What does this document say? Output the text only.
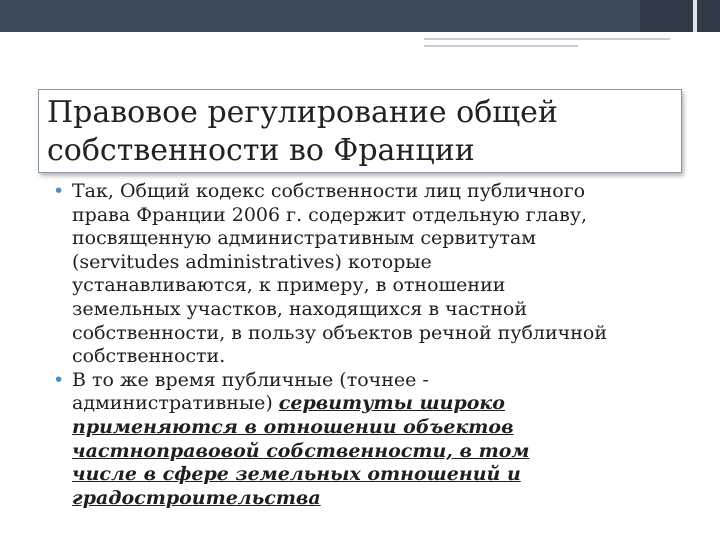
Правовое регулирование общей
собственности во Франции
• Так, Общий кодекс собственности лиц публичного
права Франции 2006 г. содержит отдельную главу,
посвященную административным сервитутам
(servitudes administratives) которые
устанавливаются, к примеру, в отношении
земельных участков, находящихся в частной
собственности, в пользу объектов речной публичной
собственности.
• В то же время публичные (точнее -
административные) сервитуты широко
применяются в отношении объектов
частноправовой собственности, в том
числе в сфере земельных отношений и
градостроительства
